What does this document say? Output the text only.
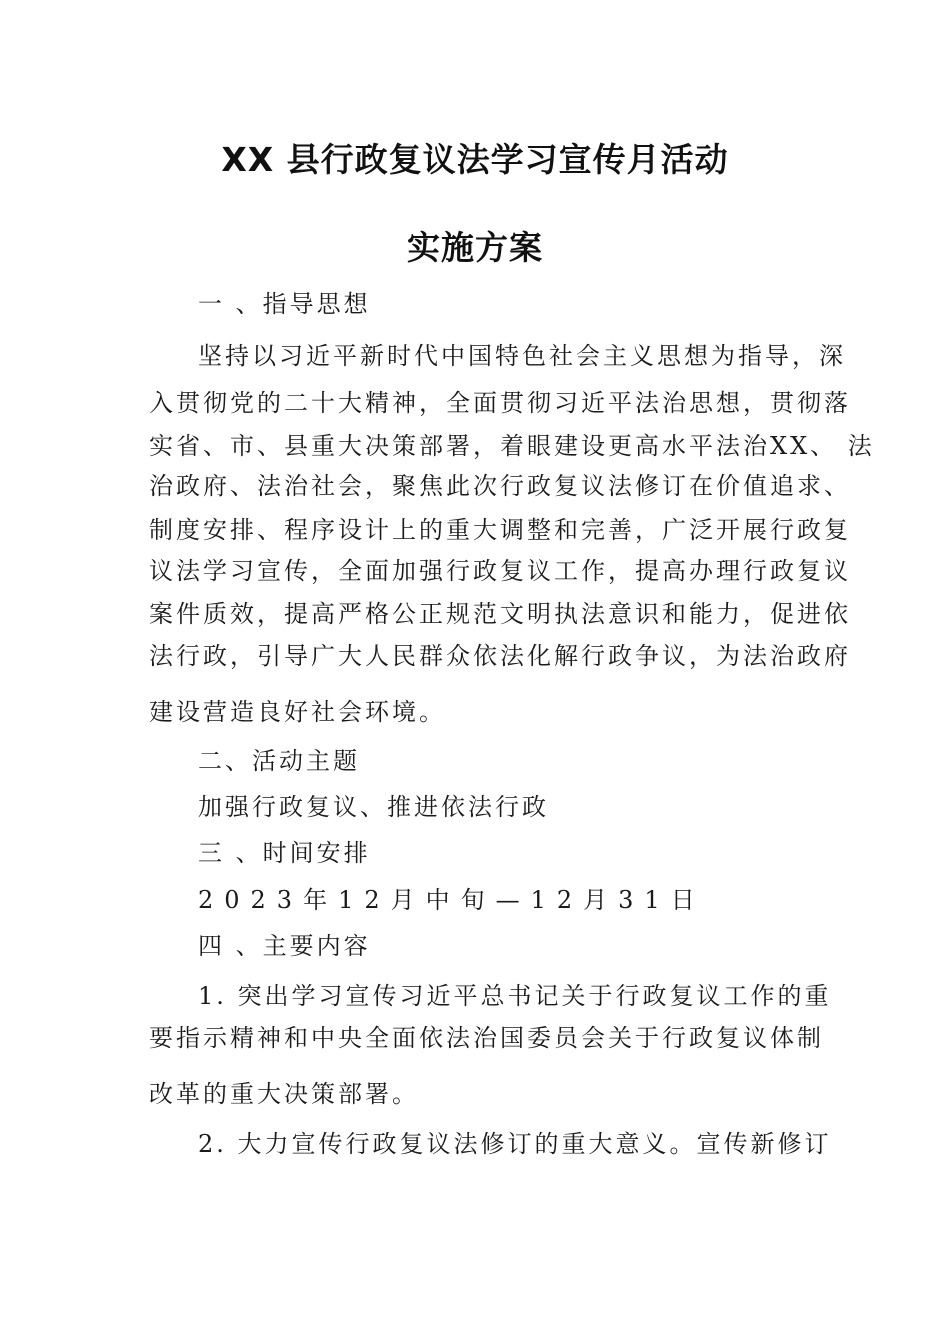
XX 县行政复议法学习宣传月活动
实施方案
一 、指导思想
坚持以习近平新时代中国特色社会主义思想为指导，深
入贯彻党的二十大精神，全面贯彻习近平法治思想，贯彻落
实省、市、县重大决策部署，着眼建设更高水平法治XX、 法
治政府、法治社会，聚焦此次行政复议法修订在价值追求、
制度安排、程序设计上的重大调整和完善，广泛开展行政复
议法学习宣传，全面加强行政复议工作，提高办理行政复议
案件质效，提高严格公正规范文明执法意识和能力，促进依
法行政，引导广大人民群众依法化解行政争议，为法治政府
建设营造良好社会环境。
二、活动主题
加强行政复议、推进依法行政
三 、时间安排
2023年12月中旬—12月31日
四 、主要内容
1. 突出学习宣传习近平总书记关于行政复议工作的重
要指示精神和中央全面依法治国委员会关于行政复议体制
改革的重大决策部署。
2. 大力宣传行政复议法修订的重大意义。宣传新修订
